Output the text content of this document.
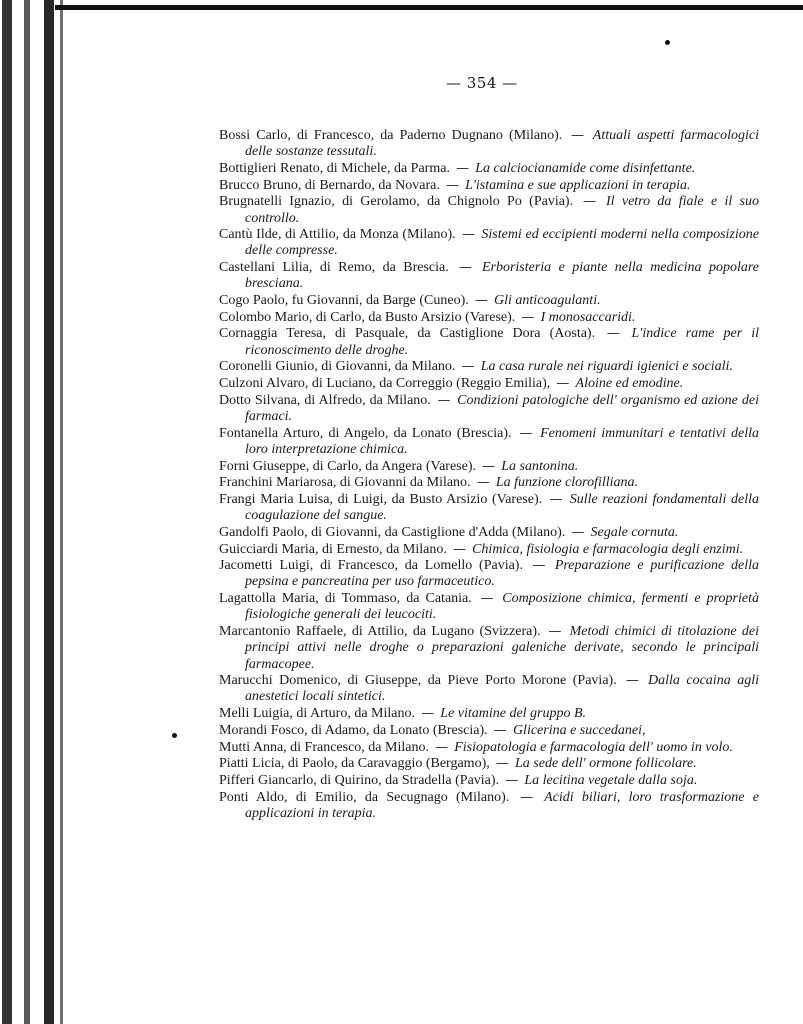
— 354 —
Bossi Carlo, di Francesco, da Paderno Dugnano (Milano). — Attuali aspetti farmacologici delle sostanze tessutali.
Bottiglieri Renato, di Michele, da Parma. — La calciocianamide come disinfettante.
Brucco Bruno, di Bernardo, da Novara. — L'istamina e sue applicazioni in terapia.
Brugnatelli Ignazio, di Gerolamo, da Chignolo Po (Pavia). — Il vetro da fiale e il suo controllo.
Cantù Ilde, di Attilio, da Monza (Milano). — Sistemi ed eccipienti moderni nella composizione delle compresse.
Castellani Lilia, di Remo, da Brescia. — Erboristeria e piante nella medicina popolare bresciana.
Cogo Paolo, fu Giovanni, da Barge (Cuneo). — Gli anticoagulanti.
Colombo Mario, di Carlo, da Busto Arsizio (Varese). — I monosaccaridi.
Cornaggia Teresa, di Pasquale, da Castiglione Dora (Aosta). — L'indice rame per il riconoscimento delle droghe.
Coronelli Giunio, di Giovanni, da Milano. — La casa rurale nei riguardi igienici e sociali.
Culzoni Alvaro, di Luciano, da Correggio (Reggio Emilia), — Aloine ed emodine.
Dotto Silvana, di Alfredo, da Milano. — Condizioni patologiche dell' organismo ed azione dei farmaci.
Fontanella Arturo, di Angelo, da Lonato (Brescia). — Fenomeni immunitari e tentativi della loro interpretazione chimica.
Forni Giuseppe, di Carlo, da Angera (Varese). — La santonina.
Franchini Mariarosa, di Giovanni da Milano. — La funzione clorofilliana.
Frangi Maria Luisa, di Luigi, da Busto Arsizio (Varese). — Sulle reazioni fondamentali della coagulazione del sangue.
Gandolfi Paolo, di Giovanni, da Castiglione d'Adda (Milano). — Segale cornuta.
Guicciardi Maria, di Ernesto, da Milano. — Chimica, fisiologia e farmacologia degli enzimi.
Jacometti Luigi, di Francesco, da Lomello (Pavia). — Preparazione e purificazione della pepsina e pancreatina per uso farmaceutico.
Lagattolla Maria, di Tommaso, da Catania. — Composizione chimica, fermenti e proprietà fisiologiche generali dei leucociti.
Marcantonio Raffaele, di Attilio, da Lugano (Svizzera). — Metodi chimici di titolazione dei principi attivi nelle droghe o preparazioni galeniche derivate, secondo le principali farmacopee.
Marucchi Domenico, di Giuseppe, da Pieve Porto Morone (Pavia). — Dalla cocaina agli anestetici locali sintetici.
Melli Luigia, di Arturo, da Milano. — Le vitamine del gruppo B.
Morandi Fosco, di Adamo, da Lonato (Brescia). — Glicerina e succedanei,
Mutti Anna, di Francesco, da Milano. — Fisiopatologia e farmacologia dell' uomo in volo.
Piatti Licia, di Paolo, da Caravaggio (Bergamo), — La sede dell' ormone follicolare.
Pifferi Giancarlo, di Quirino, da Stradella (Pavia). — La lecitina vegetale dalla soja.
Ponti Aldo, di Emilio, da Secugnago (Milano). — Acidi biliari, loro trasformazione e applicazioni in terapia.
